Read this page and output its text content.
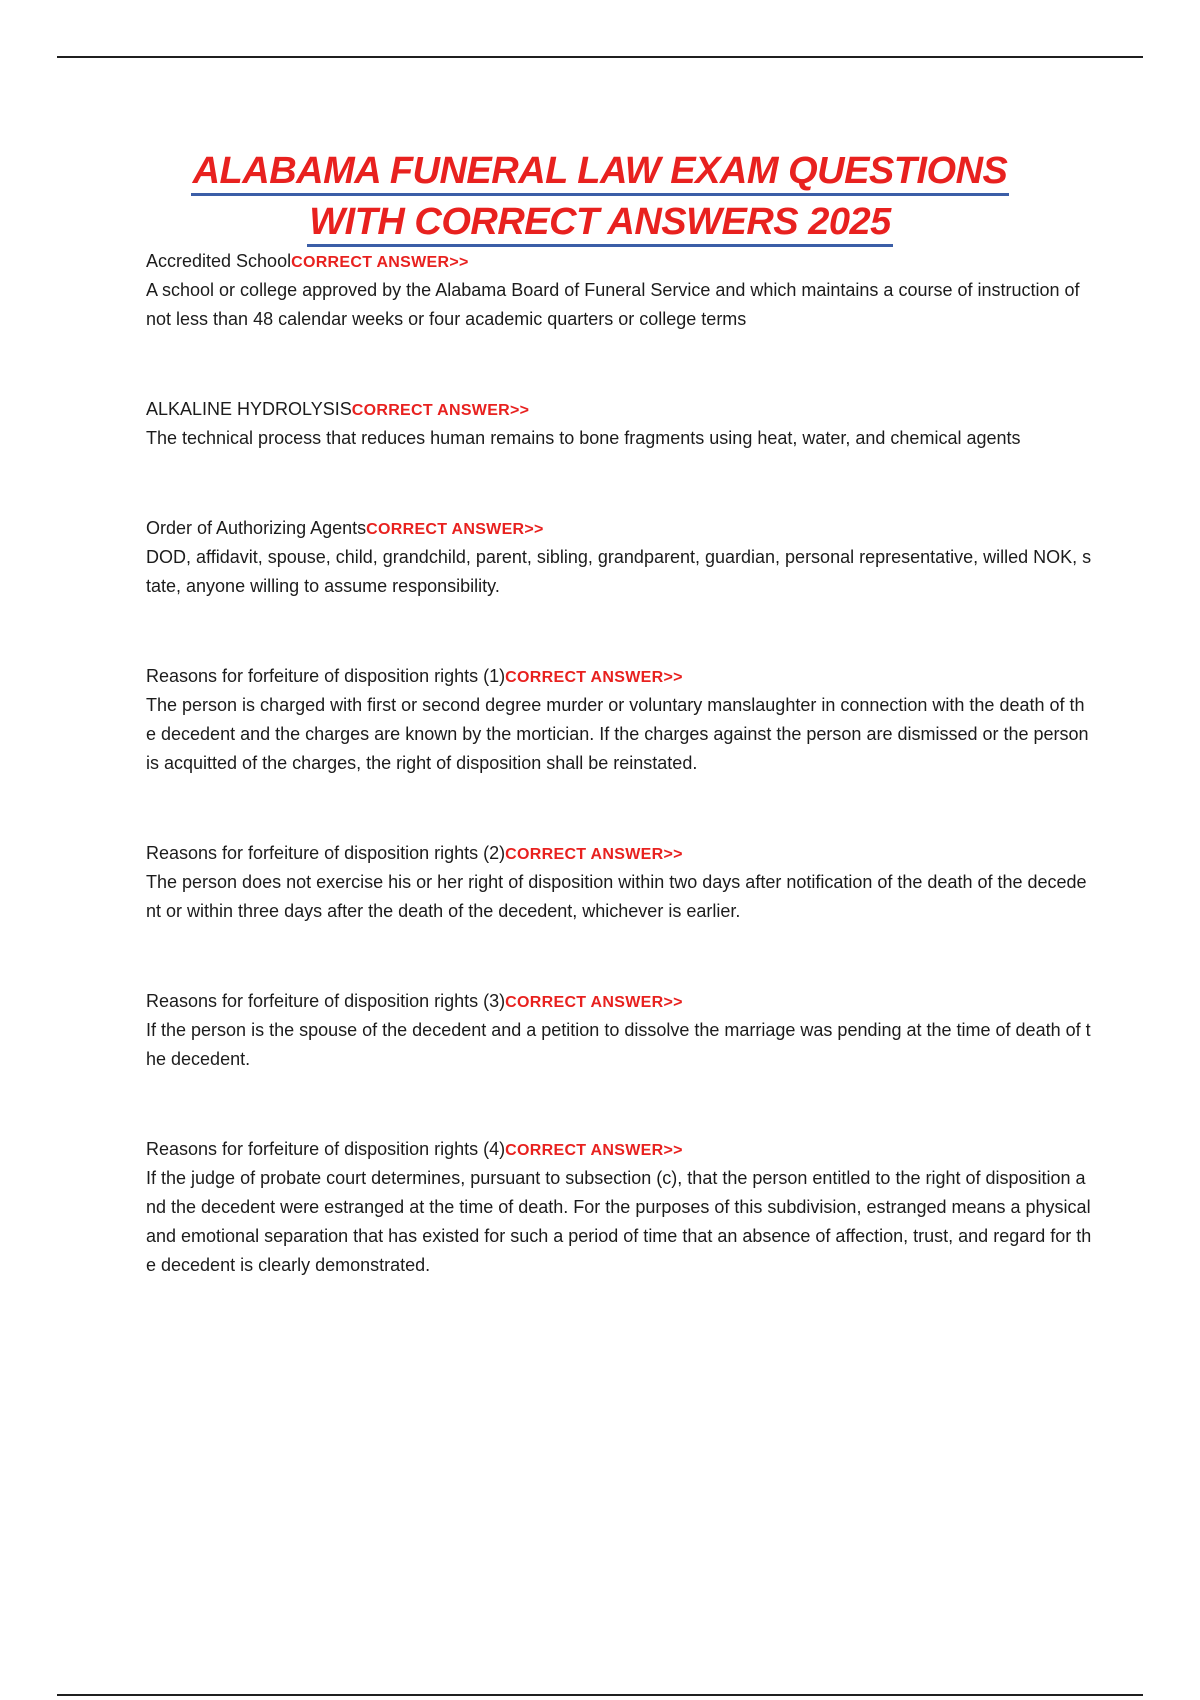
ALABAMA FUNERAL LAW EXAM QUESTIONS
WITH CORRECT ANSWERS 2025

Accredited SchoolCORRECT ANSWER>>

A school or college approved by the Alabama Board of Funeral Service and which maintains a course of instruction of not less than 48 calendar weeks or four academic quarters or college terms

ALKALINE HYDROLYSISCORRECT ANSWER>>

The technical process that reduces human remains to bone fragments using heat, water, and chemical agents

Order of Authorizing AgentsCORRECT ANSWER>>

DOD, affidavit, spouse, child, grandchild, parent, sibling, grandparent, guardian, personal representative, willed NOK, state, anyone willing to assume responsibility.

Reasons for forfeiture of disposition rights (1)CORRECT ANSWER>>

The person is charged with first or second degree murder or voluntary manslaughter in connection with the death of the decedent and the charges are known by the mortician. If the charges against the person are dismissed or the person is acquitted of the charges, the right of disposition shall be reinstated.

Reasons for forfeiture of disposition rights (2)CORRECT ANSWER>>

The person does not exercise his or her right of disposition within two days after notification of the death of the decedent or within three days after the death of the decedent, whichever is earlier.

Reasons for forfeiture of disposition rights (3)CORRECT ANSWER>>

If the person is the spouse of the decedent and a petition to dissolve the marriage was pending at the time of death of the decedent.

Reasons for forfeiture of disposition rights (4)CORRECT ANSWER>>

If the judge of probate court determines, pursuant to subsection (c), that the person entitled to the right of disposition and the decedent were estranged at the time of death. For the purposes of this subdivision, estranged means a physical and emotional separation that has existed for such a period of time that an absence of affection, trust, and regard for the decedent is clearly demonstrated.
